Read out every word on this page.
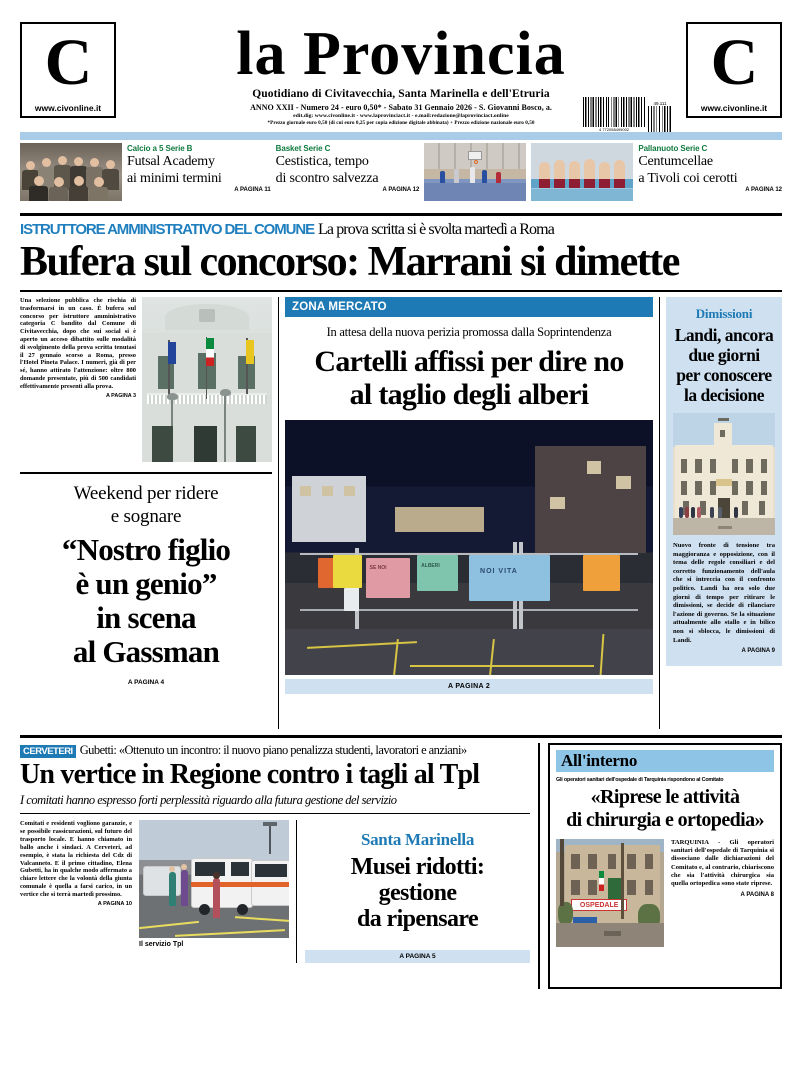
C
www.civonline.it
la Provincia
Quotidiano di Civitavecchia, Santa Marinella e dell'Etruria
ANNO XXII - Numero 24 - euro 0,50* - Sabato 31 Gennaio 2026 - S. Giovanni Bosco, a.
edit.dig: www.civonline.it - www.laprovinciact.it - e.mail:redazione@laprovinciact.online
*Prezzo giornale euro 0,50 (di cui euro 0,25 per copia edizione digitale abbinata) + Prezzo edizione nazionale euro 0,50
4 772058499002
49.111
C
www.civonline.it
Calcio a 5 Serie B
Futsal Academy
ai minimi termini
A PAGINA 11
Basket Serie C
Cestistica, tempo
di scontro salvezza
A PAGINA 12
Pallanuoto Serie C
Centumcellae
a Tivoli coi cerotti
A PAGINA 12
ISTRUTTORE AMMINISTRATIVO DEL COMUNE La prova scritta si è svolta martedì a Roma
Bufera sul concorso: Marrani si dimette
Una selezione pubblica che rischia di trasformarsi in un caso. È bufera sul concorso per istruttore amministrativo categoria C bandito dal Comune di Civitavecchia, dopo che sui social si è aperto un acceso dibattito sulle modalità di svolgimento della prova scritta tenutasi il 27 gennaio scorso a Roma, presso l'Hotel Pineta Palace. I numeri, già di per sé, hanno attirato l'attenzione: oltre 800 domande presentate, più di 500 candidati effettivamente presenti alla prova.
A PAGINA 3
Weekend per ridere
e sognare
“Nostro figlio
è un genio”
in scena
al Gassman
A PAGINA 4
ZONA MERCATO
In attesa della nuova perizia promossa dalla Soprintendenza
Cartelli affissi per dire no
al taglio degli alberi
SE NOI	ALBERI
NOI VITA
A PAGINA 2
Dimissioni
Landi, ancora
due giorni
per conoscere
la decisione
Nuovo fronte di tensione tra maggioranza e opposizione, con il tema delle regole consiliari e del corretto funzionamento dell'aula che si intreccia con il confronto politico. Landi ha ora solo due giorni di tempo per ritirare le dimissioni, se decide di rilanciare l'azione di governo. Se la situazione attualmente allo stallo e in bilico non si sblocca, le dimissioni di Landi.
A PAGINA 9
CERVETERI Gubetti: «Ottenuto un incontro: il nuovo piano penalizza studenti, lavoratori e anziani»
Un vertice in Regione contro i tagli al Tpl
I comitati hanno espresso forti perplessità riguardo alla futura gestione del servizio
Comitati e residenti vogliono garanzie, e se possibile rassicurazioni, sul futuro del trasporto locale. E hanno chiamato in ballo anche i sindaci. A Cerveteri, ad esempio, è stata la richiesta del Cdz di Valcanneto. E il primo cittadino, Elena Gubetti, ha in qualche modo affermato a chiare lettere che la volontà della giunta comunale è quella a farsi carico, in un vertice che si terrà martedì prossimo.
A PAGINA 10
Il servizio Tpl
Santa Marinella
Musei ridotti:
gestione
da ripensare
A PAGINA 5
All'interno
Gli operatori sanitari dell'ospedale di Tarquinia rispondono al Comitato
«Riprese le attività
di chirurgia e ortopedia»
OSPEDALE
TARQUINIA - Gli operatori sanitari dell'ospedale di Tarquinia si dissociano dalle dichiarazioni del Comitato e, al contrario, chiariscono che sia l'attività chirurgica sia quella ortopedica sono state riprese.
A PAGINA 8
